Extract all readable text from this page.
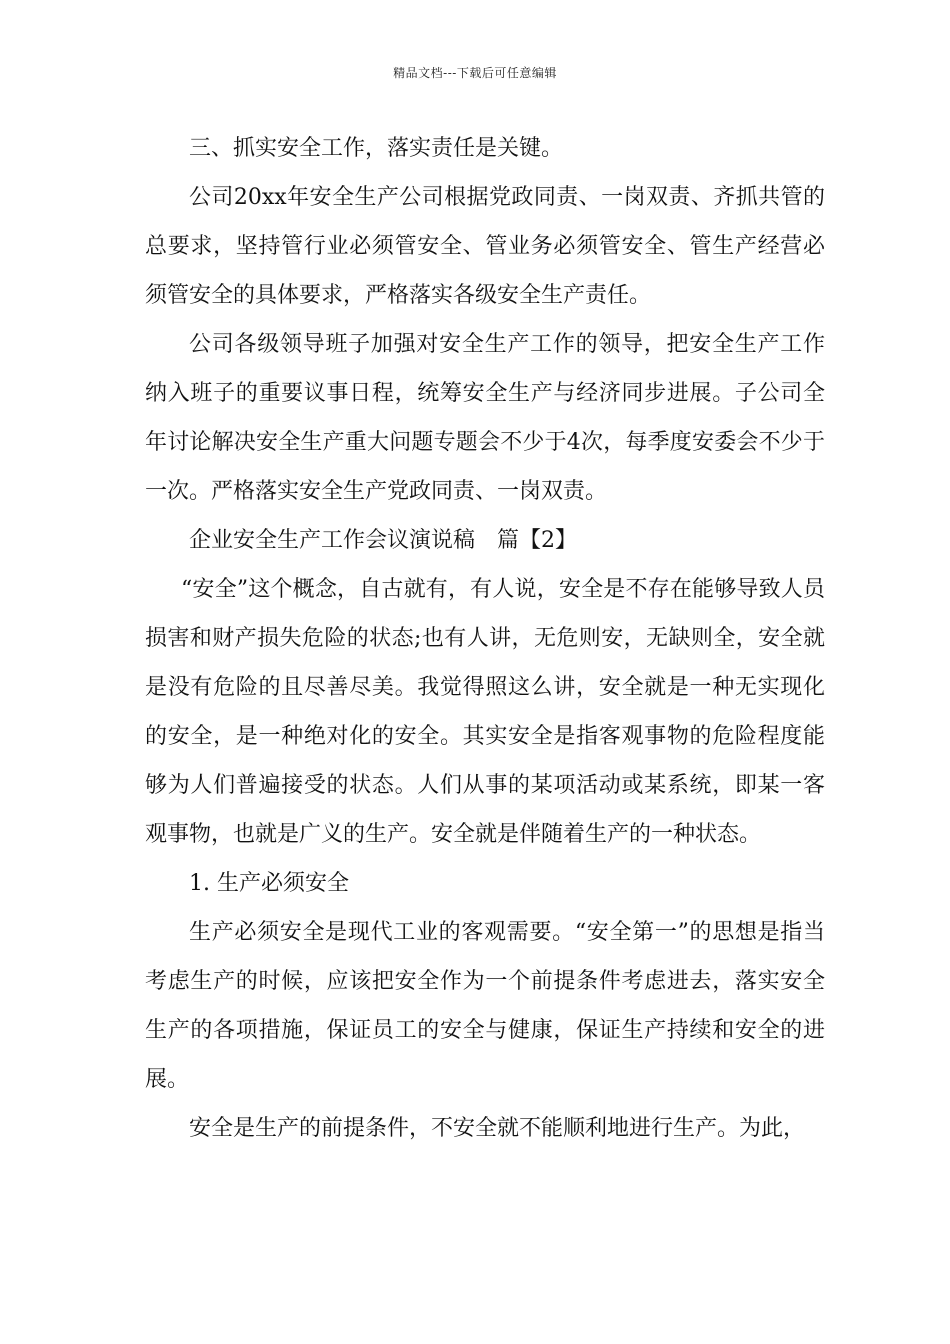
精品文档---下载后可任意编辑

三、抓实安全工作，落实责任是关键。

公司20xx年安全生产公司根据党政同责、一岗双责、齐抓共管的总要求，坚持管行业必须管安全、管业务必须管安全、管生产经营必须管安全的具体要求，严格落实各级安全生产责任。

公司各级领导班子加强对安全生产工作的领导，把安全生产工作纳入班子的重要议事日程，统筹安全生产与经济同步进展。子公司全年讨论解决安全生产重大问题专题会不少于4次，每季度安委会不少于一次。严格落实安全生产党政同责、一岗双责。

企业安全生产工作会议演说稿　篇【2】

“安全”这个概念，自古就有，有人说，安全是不存在能够导致人员损害和财产损失危险的状态;也有人讲，无危则安，无缺则全，安全就是没有危险的且尽善尽美。我觉得照这么讲，安全就是一种无实现化的安全，是一种绝对化的安全。其实安全是指客观事物的危险程度能够为人们普遍接受的状态。人们从事的某项活动或某系统，即某一客观事物，也就是广义的生产。安全就是伴随着生产的一种状态。

1. 生产必须安全

生产必须安全是现代工业的客观需要。“安全第一”的思想是指当考虑生产的时候，应该把安全作为一个前提条件考虑进去，落实安全生产的各项措施，保证员工的安全与健康，保证生产持续和安全的进展。

安全是生产的前提条件，不安全就不能顺利地进行生产。为此，
